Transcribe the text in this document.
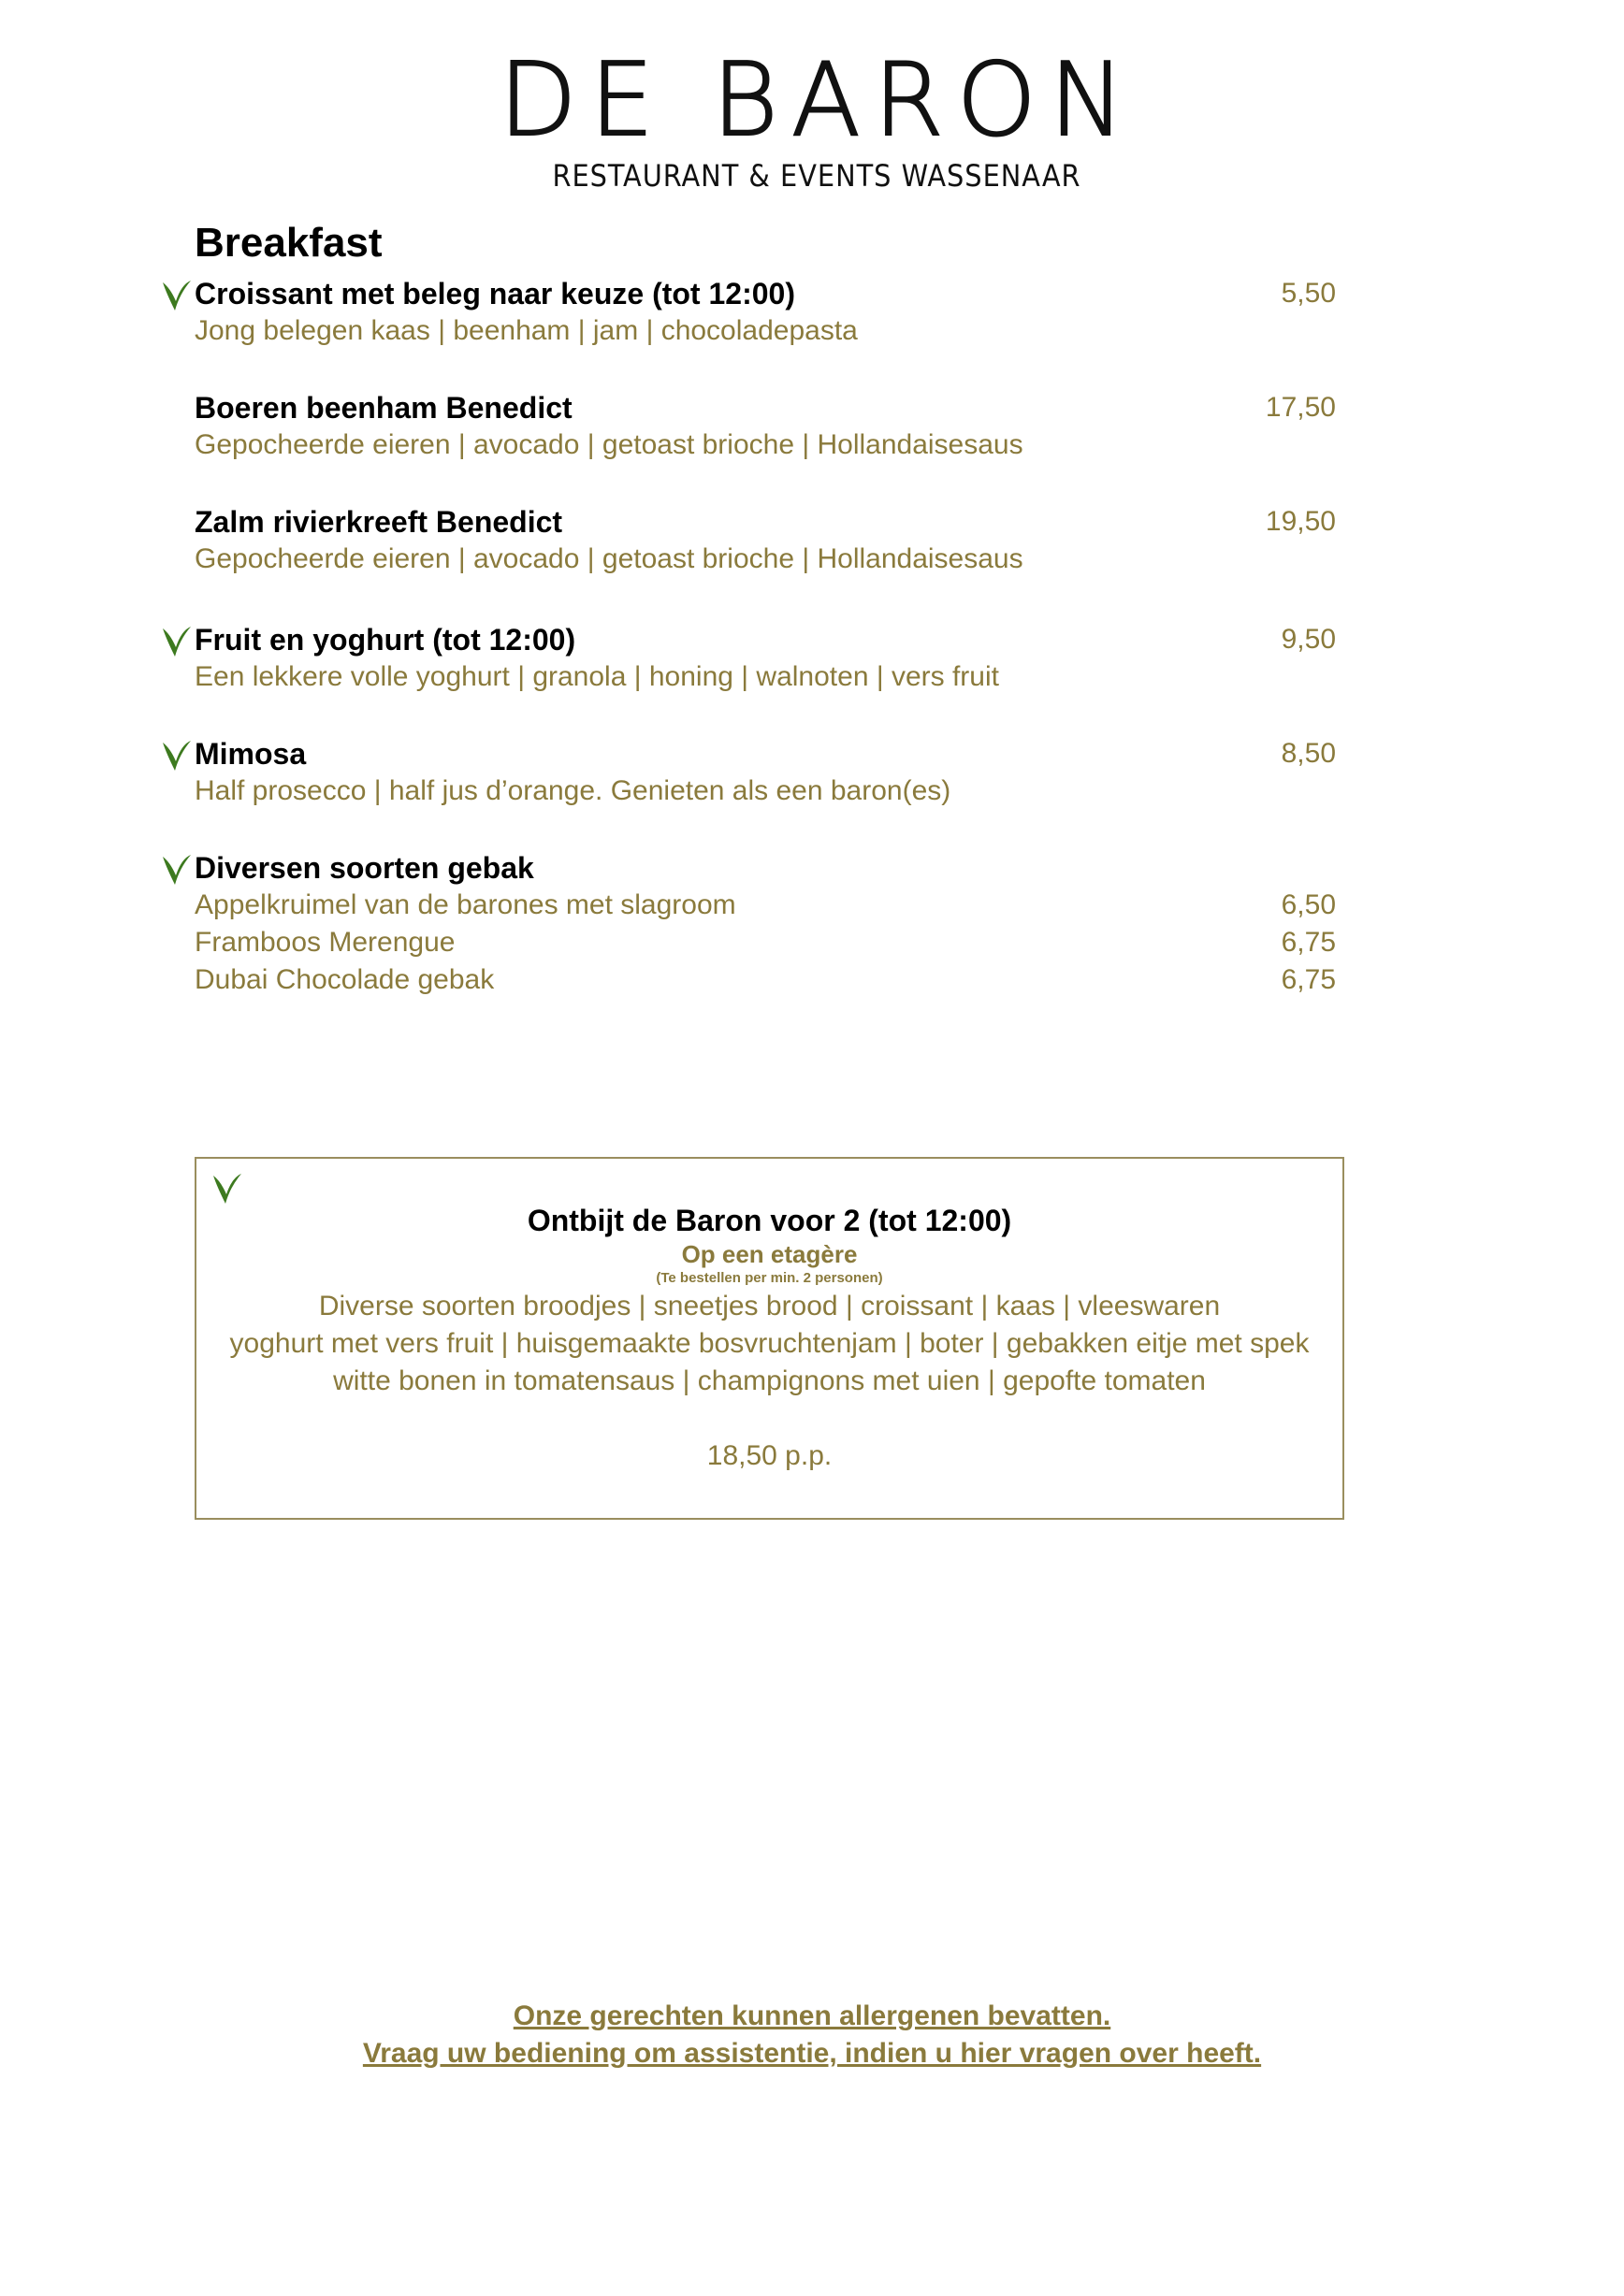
DE BARON
RESTAURANT & EVENTS WASSENAAR
Breakfast
Croissant met beleg naar keuze (tot 12:00)	5,50
Jong belegen kaas | beenham | jam | chocoladepasta
Boeren beenham Benedict	17,50
Gepocheerde eieren | avocado | getoast brioche | Hollandaisesaus
Zalm rivierkreeft Benedict	19,50
Gepocheerde eieren | avocado | getoast brioche | Hollandaisesaus
Fruit en yoghurt (tot 12:00)	9,50
Een lekkere volle yoghurt | granola | honing | walnoten | vers fruit
Mimosa	8,50
Half prosecco | half jus d’orange. Genieten als een baron(es)
Diversen soorten gebak
Appelkruimel van de barones met slagroom	6,50
Framboos Merengue	6,75
Dubai Chocolade gebak	6,75
Ontbijt de Baron voor 2 (tot 12:00)
Op een etagère
(Te bestellen per min. 2 personen)
Diverse soorten broodjes | sneetjes brood | croissant | kaas | vleeswaren
yoghurt met vers fruit | huisgemaakte bosvruchtenjam | boter | gebakken eitje met spek
witte bonen in tomatensaus | champignons met uien | gepofte tomaten
18,50 p.p.
Onze gerechten kunnen allergenen bevatten.
Vraag uw bediening om assistentie, indien u hier vragen over heeft.
